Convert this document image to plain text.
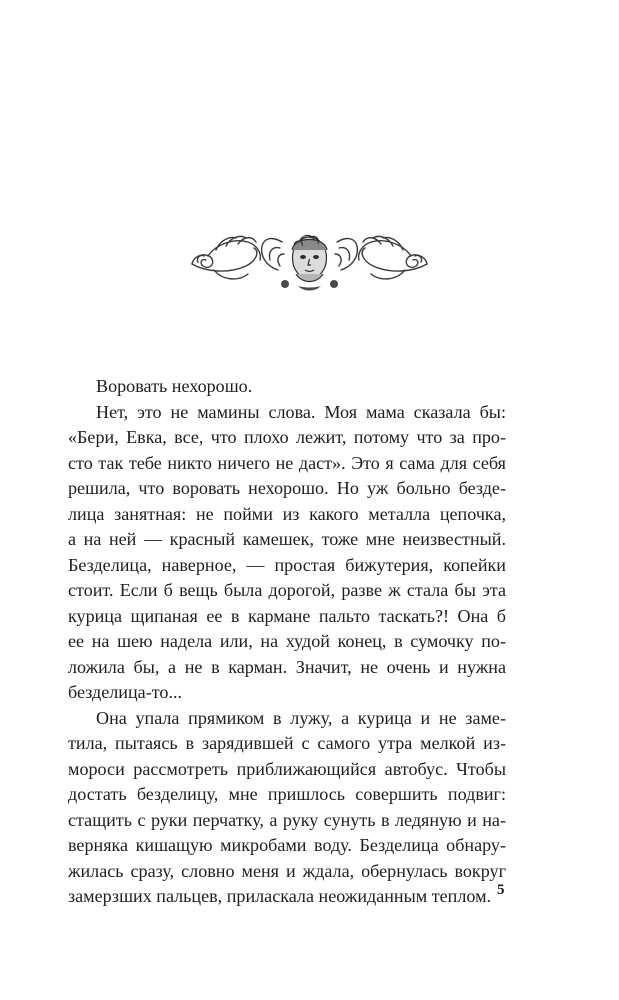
Воровать нехорошо.
Нет, это не мамины слова. Моя мама сказала бы:
«Бери, Евка, все, что плохо лежит, потому что за про-
сто так тебе никто ничего не даст». Это я сама для себя
решила, что воровать нехорошо. Но уж больно безде-
лица занятная: не пойми из какого металла цепочка,
а на ней — красный камешек, тоже мне неизвестный.
Безделица, наверное, — простая бижутерия, копейки
стоит. Если б вещь была дорогой, разве ж стала бы эта
курица щипаная ее в кармане пальто таскать?! Она б
ее на шею надела или, на худой конец, в сумочку по-
ложила бы, а не в карман. Значит, не очень и нужна
безделица-то...
Она упала прямиком в лужу, а курица и не заме-
тила, пытаясь в зарядившей с самого утра мелкой из-
мороси рассмотреть приближающийся автобус. Чтобы
достать безделицу, мне пришлось совершить подвиг:
стащить с руки перчатку, а руку сунуть в ледяную и на-
верняка кишащую микробами воду. Безделица обнару-
жилась сразу, словно меня и ждала, обернулась вокруг
замерзших пальцев, приласкала неожиданным теплом. 5
